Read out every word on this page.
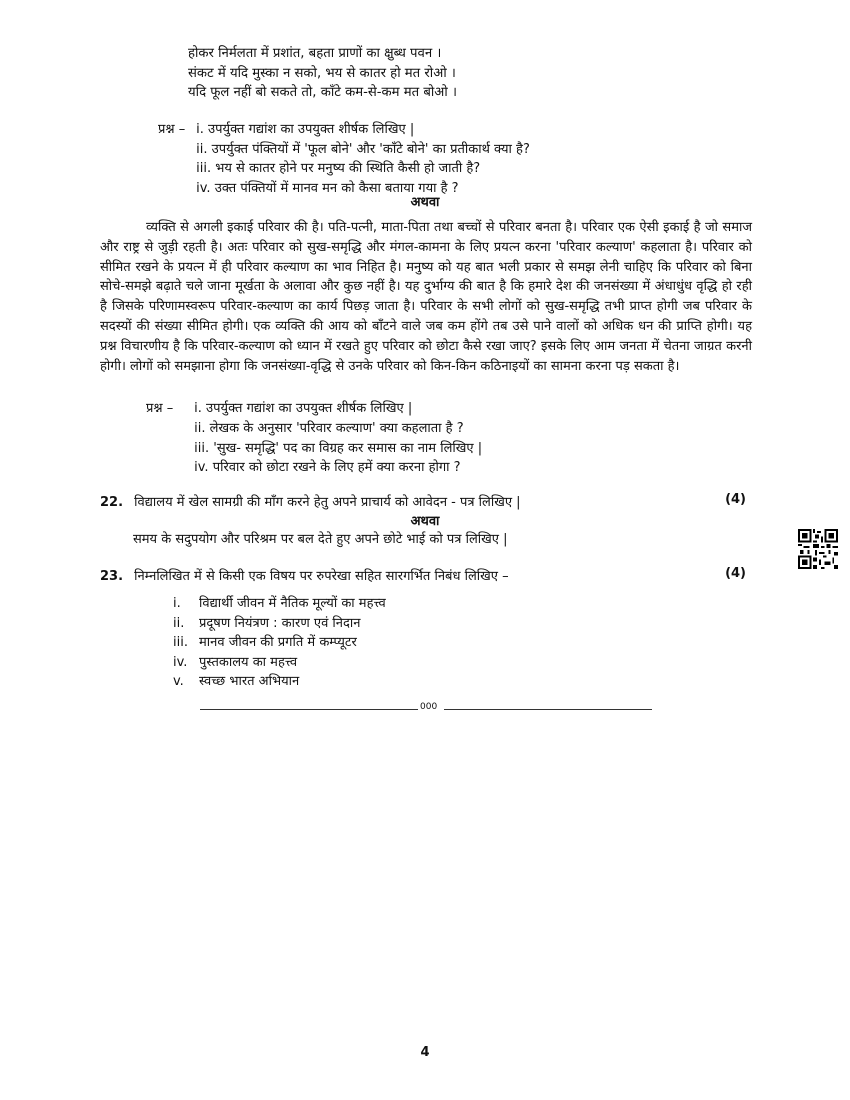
होकर निर्मलता में प्रशांत, बहता प्राणों का क्षुब्ध पवन ।
संकट में यदि मुस्का न सको, भय से कातर हो मत रोओ ।
यदि फूल नहीं बो सकते तो, काँटे कम-से-कम मत बोओ ।
प्रश्न – i. उपर्युक्त गद्यांश का उपयुक्त शीर्षक लिखिए |
ii. उपर्युक्त पंक्तियों में 'फूल बोने' और 'काँटे बोने' का प्रतीकार्थ क्या है?
iii. भय से कातर होने पर मनुष्य की स्थिति कैसी हो जाती है?
iv. उक्त पंक्तियों में मानव मन को कैसा बताया गया है ?
अथवा
व्यक्ति से अगली इकाई परिवार की है। पति-पत्नी, माता-पिता तथा बच्चों से परिवार बनता है। परिवार एक ऐसी इकाई है जो समाज और राष्ट्र से जुड़ी रहती है। अतः परिवार को सुख-समृद्धि और मंगल-कामना के लिए प्रयत्न करना 'परिवार कल्याण' कहलाता है। परिवार को सीमित रखने के प्रयत्न में ही परिवार कल्याण का भाव निहित है। मनुष्य को यह बात भली प्रकार से समझ लेनी चाहिए कि परिवार को बिना सोचे-समझे बढ़ाते चले जाना मूर्खता के अलावा और कुछ नहीं है। यह दुर्भाग्य की बात है कि हमारे देश की जनसंख्या में अंधाधुंध वृद्धि हो रही है जिसके परिणामस्वरूप परिवार-कल्याण का कार्य पिछड़ जाता है। परिवार के सभी लोगों को सुख-समृद्धि तभी प्राप्त होगी जब परिवार के सदस्यों की संख्या सीमित होगी। एक व्यक्ति की आय को बाँटने वाले जब कम होंगे तब उसे पाने वालों को अधिक धन की प्राप्ति होगी। यह प्रश्न विचारणीय है कि परिवार-कल्याण को ध्यान में रखते हुए परिवार को छोटा कैसे रखा जाए? इसके लिए आम जनता में चेतना जाग्रत करनी होगी। लोगों को समझाना होगा कि जनसंख्या-वृद्धि से उनके परिवार को किन-किन कठिनाइयों का सामना करना पड़ सकता है।
प्रश्न – i. उपर्युक्त गद्यांश का उपयुक्त शीर्षक लिखिए |
ii. लेखक के अनुसार 'परिवार कल्याण' क्या कहलाता है ?
iii. 'सुख- समृद्धि' पद का विग्रह कर समास का नाम लिखिए |
iv. परिवार को छोटा रखने के लिए हमें क्या करना होगा ?
22. विद्यालय में खेल सामग्री की माँग करने हेतु अपने प्राचार्य को आवेदन - पत्र लिखिए |	(4)
अथवा
समय के सदुपयोग और परिश्रम पर बल देते हुए अपने छोटे भाई को पत्र लिखिए |
23. निम्नलिखित में से किसी एक विषय पर रुपरेखा सहित सारगर्भित निबंध लिखिए –	(4)
i. विद्यार्थी जीवन में नैतिक मूल्यों का महत्त्व
ii. प्रदूषण नियंत्रण : कारण एवं निदान
iii. मानव जीवन की प्रगति में कम्प्यूटर
iv. पुस्तकालय का महत्त्व
v. स्वच्छ भारत अभियान
000
4
